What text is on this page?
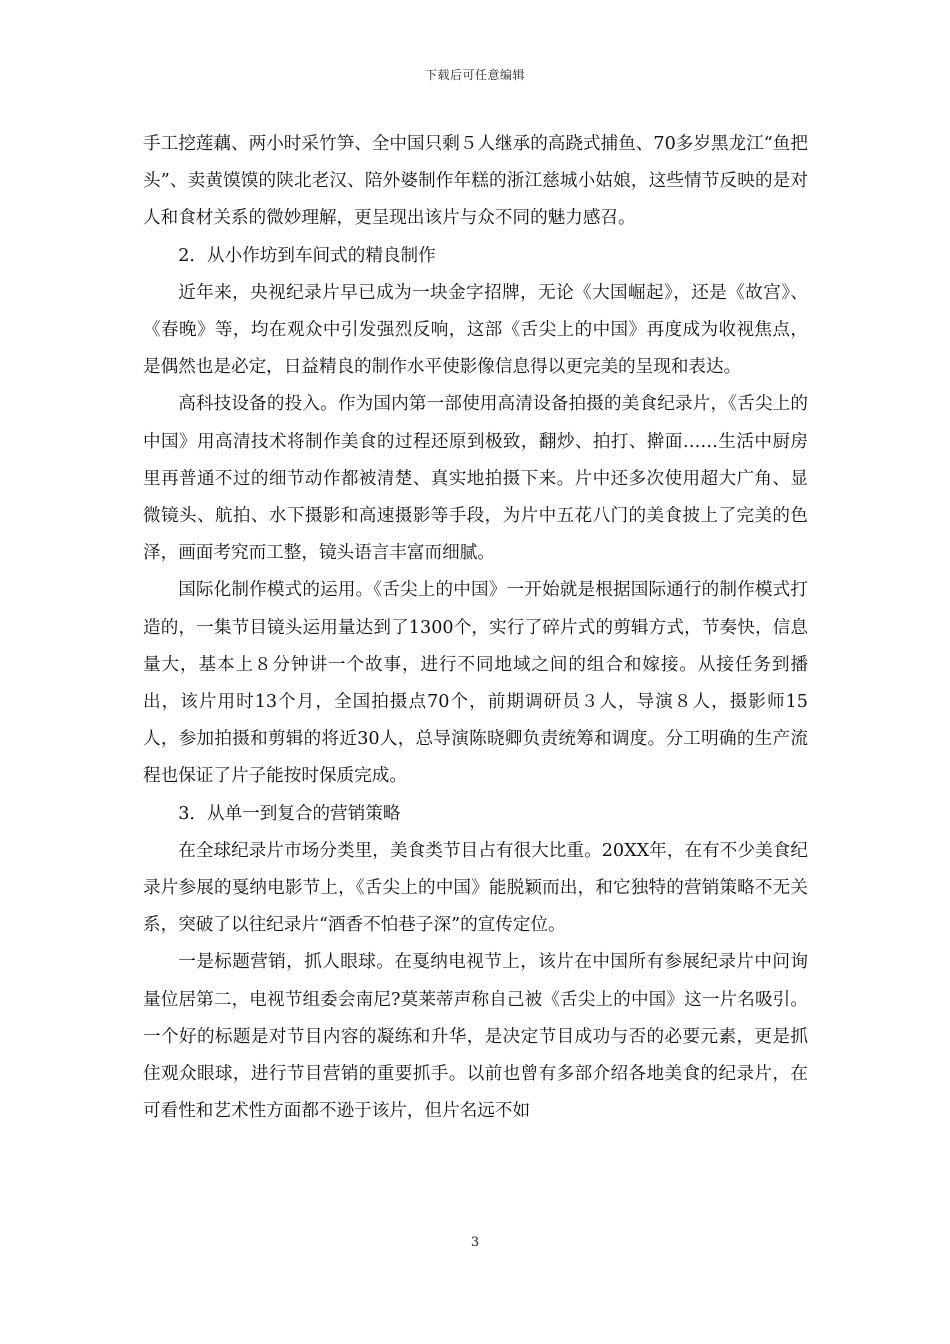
下载后可任意编辑

手工挖莲藕、两小时采竹笋、全中国只剩５人继承的高跷式捕鱼、70多岁黑龙江“鱼把头”、卖黄馍馍的陕北老汉、陪外婆制作年糕的浙江慈城小姑娘，这些情节反映的是对人和食材关系的微妙理解，更呈现出该片与众不同的魅力感召。

2．从小作坊到车间式的精良制作

近年来，央视纪录片早已成为一块金字招牌，无论《大国崛起》，还是《故宫》、《春晚》等，均在观众中引发强烈反响，这部《舌尖上的中国》再度成为收视焦点，是偶然也是必定，日益精良的制作水平使影像信息得以更完美的呈现和表达。

高科技设备的投入。作为国内第一部使用高清设备拍摄的美食纪录片，《舌尖上的中国》用高清技术将制作美食的过程还原到极致，翻炒、拍打、擀面……生活中厨房里再普通不过的细节动作都被清楚、真实地拍摄下来。片中还多次使用超大广角、显微镜头、航拍、水下摄影和高速摄影等手段，为片中五花八门的美食披上了完美的色泽，画面考究而工整，镜头语言丰富而细腻。

国际化制作模式的运用。《舌尖上的中国》一开始就是根据国际通行的制作模式打造的，一集节目镜头运用量达到了1300个，实行了碎片式的剪辑方式，节奏快，信息量大，基本上８分钟讲一个故事，进行不同地域之间的组合和嫁接。从接任务到播出，该片用时13个月，全国拍摄点70个，前期调研员３人，导演８人，摄影师15人，参加拍摄和剪辑的将近30人，总导演陈晓卿负责统筹和调度。分工明确的生产流程也保证了片子能按时保质完成。

3．从单一到复合的营销策略

在全球纪录片市场分类里，美食类节目占有很大比重。20XX年，在有不少美食纪录片参展的戛纳电影节上，《舌尖上的中国》能脱颖而出，和它独特的营销策略不无关系，突破了以往纪录片“酒香不怕巷子深”的宣传定位。

一是标题营销，抓人眼球。在戛纳电视节上，该片在中国所有参展纪录片中问询量位居第二，电视节组委会南尼?莫莱蒂声称自己被《舌尖上的中国》这一片名吸引。一个好的标题是对节目内容的凝练和升华，是决定节目成功与否的必要元素，更是抓住观众眼球，进行节目营销的重要抓手。以前也曾有多部介绍各地美食的纪录片，在可看性和艺术性方面都不逊于该片，但片名远不如

3
